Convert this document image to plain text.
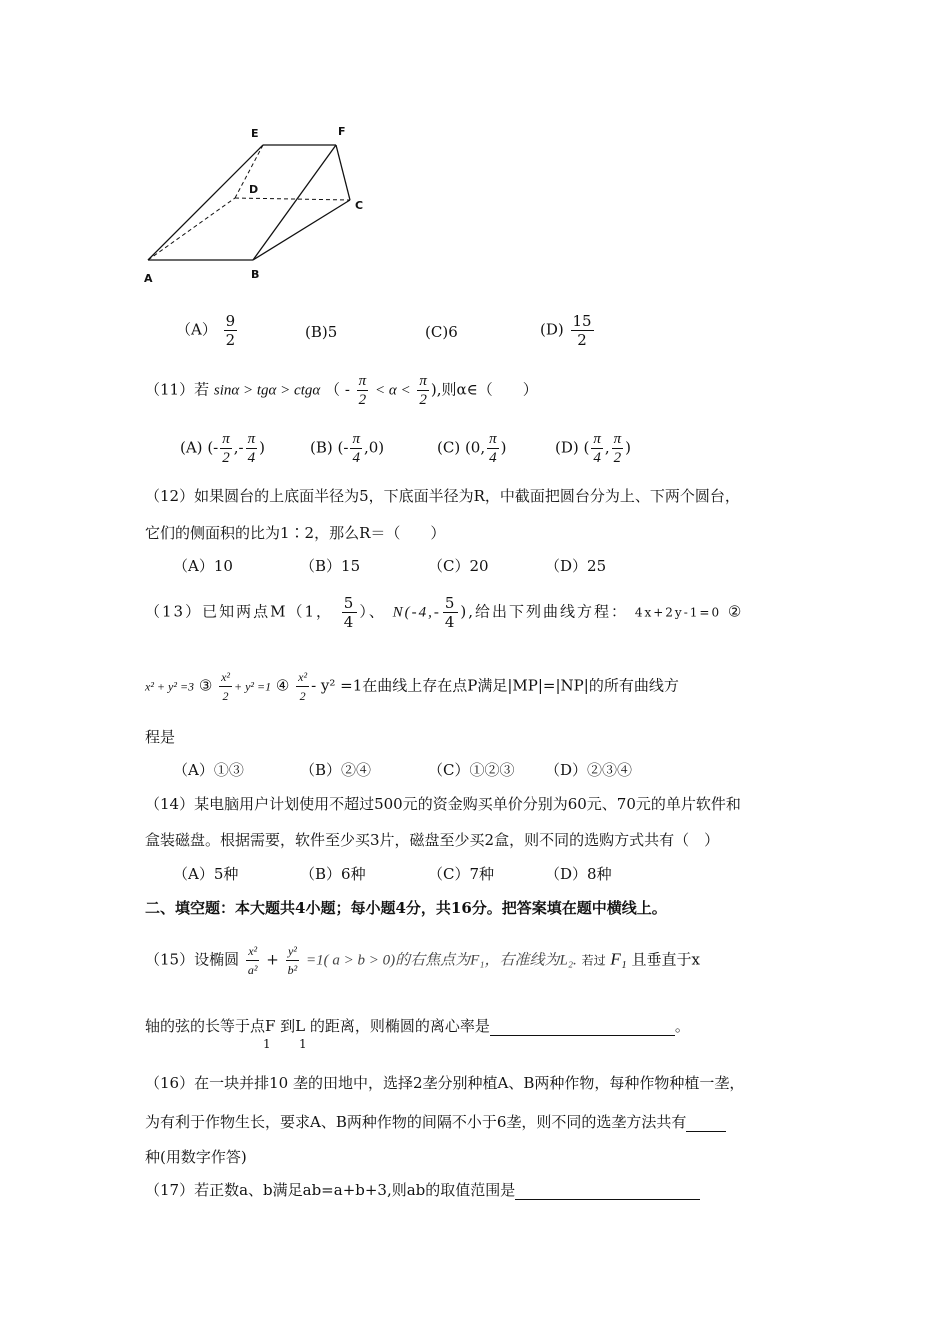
E	F
D
C
A	B
$(A) \frac{9}{2}$	(B)5	(C)6	$(D) \frac{15}{2}$
（11）若 sinα > tgα > ctgα （ - $\frac{\pi}{2} < \alpha < \frac{\pi}{2}$ ),则α∈（　　）
(A) (- $\frac{\pi}{2}$ ,- $\frac{\pi}{4}$ )	(B) (- $\frac{\pi}{4} ,0$)	(C) (0, $\frac{\pi}{4}$ )	(D) ( $\frac{\pi}{4}$ , $\frac{\pi}{2}$ )
（12）如果圆台的上底面半径为5，下底面半径为R，中截面把圆台分为上、下两个圆台，
它们的侧面积的比为1∶2，那么R＝（　　）
（A）10	（B）15	（C）20	（D）25
（13）已知两点M（1， $\frac{5}{4}$ ）、 $N(-4,- \frac{5}{4}$ ),给出下列曲线方程： 4x+2y-1=0 ②
x² + y² =3 ③ $\frac{\text{x²}}{2} + y^2 =1$ ④ $\frac{\text{x²}}{2} - y^2 =1$在曲线上存在点P满足|MP|=|NP|的所有曲线方
程是
（A）①③	（B）②④	（C）①②③ （D）②③④
（14）某电脑用户计划使用不超过500元的资金购买单价分别为60元、70元的单片软件和
盒装磁盘。根据需要，软件至少买3片，磁盘至少买2盒，则不同的选购方式共有（　）
（A）5种	（B）6种	（C）7种	（D）8种
二、填空题：本大题共4小题；每小题4分，共16分。把答案填在题中横线上。
（15）设椭圆 $\frac{\text{x²}}{\text{a²}} + \frac{\text{y²}}{\text{b²}} =1$( a > b > 0)的右焦点为F₁，右准线为L₂. 若过 F₁ 且垂直于x
轴的弦的长等于点F 到L 的距离，则椭圆的离心率是	。
1 1
（16）在一块并排10 垄的田地中，选择2垄分别种植A、B两种作物，每种作物种植一垄，
为有利于作物生长，要求A、B两种作物的间隔不小于6垄，则不同的选垄方法共有
种(用数字作答)
（17）若正数a、b满足ab=a+b+3,则ab的取值范围是
